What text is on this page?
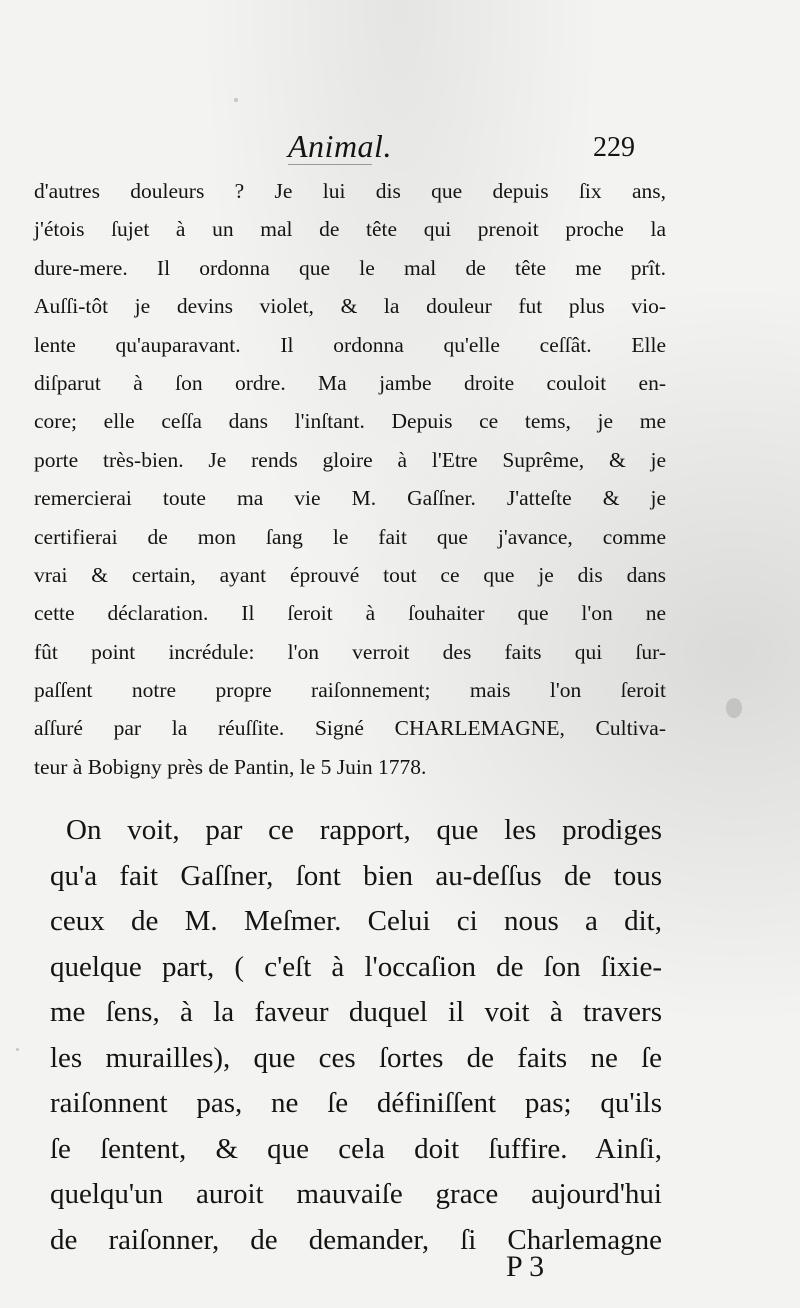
Animal.	229
d'autres douleurs ? Je lui dis que depuis ſix ans,
j'étois ſujet à un mal de tête qui prenoit proche la
dure-mere. Il ordonna que le mal de tête me prît.
Auſſi-tôt je devins violet, & la douleur fut plus vio-
lente qu'auparavant. Il ordonna qu'elle ceſſât. Elle
diſparut à ſon ordre. Ma jambe droite couloit en-
core; elle ceſſa dans l'inſtant. Depuis ce tems, je me
porte très-bien. Je rends gloire à l'Etre Suprême, & je
remercierai toute ma vie M. Gaſſner. J'atteſte & je
certifierai de mon ſang le fait que j'avance, comme
vrai & certain, ayant éprouvé tout ce que je dis dans
cette déclaration. Il ſeroit à ſouhaiter que l'on ne
fût point incrédule: l'on verroit des faits qui ſur-
paſſent notre propre raiſonnement; mais l'on ſeroit
aſſuré par la réuſſite. Signé CHARLEMAGNE, Cultiva-
teur à Bobigny près de Pantin, le 5 Juin 1778.
On voit, par ce rapport, que les prodiges
qu'a fait Gaſſner, ſont bien au-deſſus de tous
ceux de M. Meſmer. Celui ci nous a dit,
quelque part, ( c'eſt à l'occaſion de ſon ſixie-
me ſens, à la faveur duquel il voit à travers
les murailles), que ces ſortes de faits ne ſe
raiſonnent pas, ne ſe définiſſent pas; qu'ils
ſe ſentent, & que cela doit ſuffire. Ainſi,
quelqu'un auroit mauvaiſe grace aujourd'hui
de raiſonner, de demander, ſi Charlemagne
P 3
